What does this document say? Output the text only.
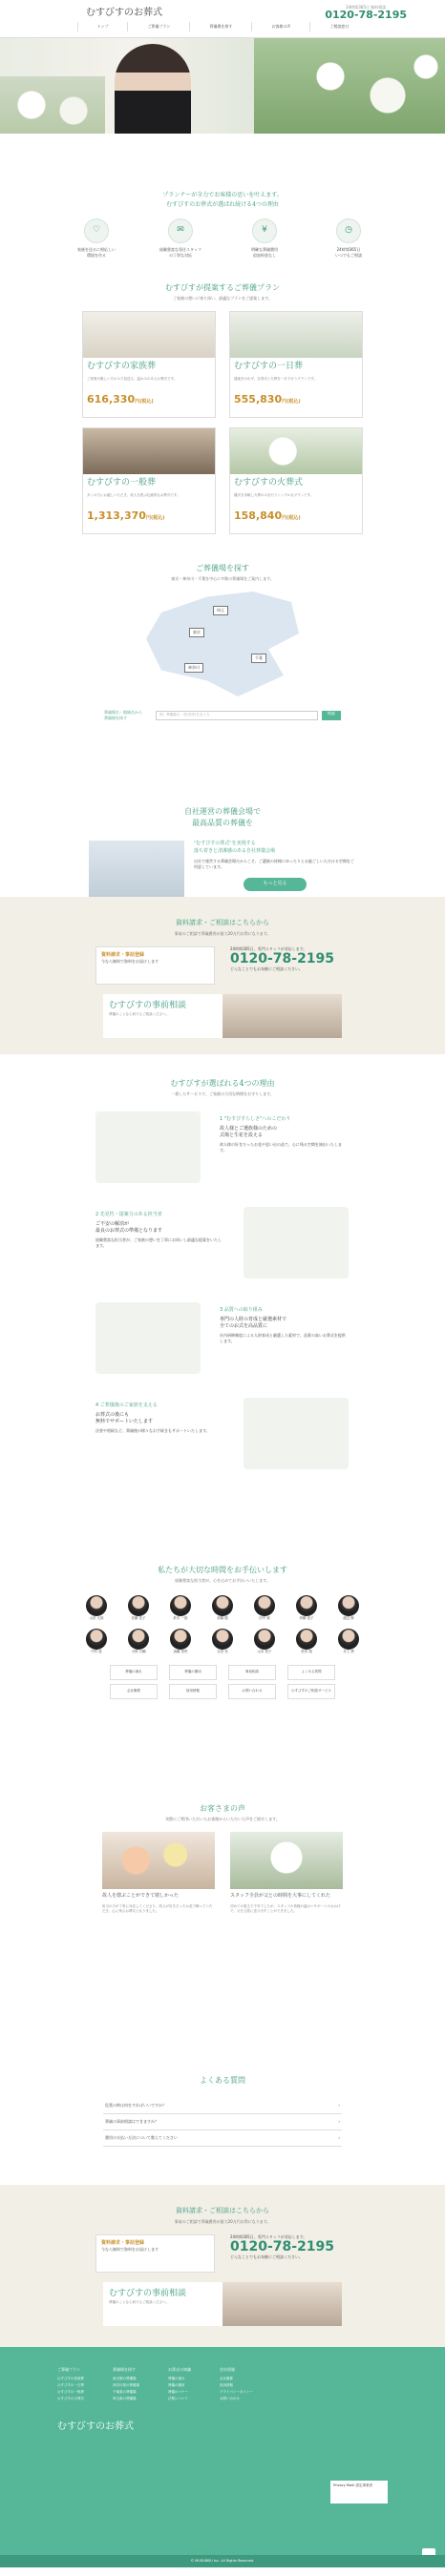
むすびすのお葬式
24時間365日 無料相談
0120-78-2195
トップ	ご葬儀プラン	葬儀場を探す	お客様の声	ご相談窓口
プランナーが全力でお客様の思いを叶えます。
むすびすのお葬式が選ばれ続ける4つの理由
♡
家族を送るに相応しい
環境を作る
✉
経験豊富な専任スタッフ
の丁寧な対応
¥
明確な葬儀費用
追加料金なし
◷
24時間365日
いつでもご相談
むすびすが提案するご葬儀プラン
ご家族の想いに寄り添い、最適なプランをご提案します。
むすびすの家族葬
ご家族や親しい方のみで見送る、温かみのあるお葬式です。
616,330円(税込)
むすびすの一日葬
通夜を行わず、告別式と火葬を一日で行うプランです。
555,830円(税込)
むすびすの一般葬
多くの方にお越しいただき、故人を偲ぶ伝統的なお葬式です。
1,313,370円(税込)
むすびすの火葬式
儀式を省略し火葬のみを行うシンプルなプランです。
158,840円(税込)
ご葬儀場を探す
東京・神奈川・千葉を中心に多数の葬儀場をご案内します。
東京
神奈川
千葉
埼玉
葬儀場名・地域名から
葬儀場を探す
例）葬儀場名・市区町村名を入力	検索
自社運営の葬儀会場で
最高品質の葬儀を
"むすびすの葬式"を実現する
落ち着きと清潔感のある自社葬儀会場
自社で運営する葬儀会場だからこそ、ご遺族の皆様にゆったりとお過ごしいただける空間をご用意しています。
もっと見る
資料請求・ご相談はこちらから
事前のご相談で葬儀費用が最大20万円お得になります。
資料請求・事前登録
今なら無料で資料をお届けします
24時間365日、専門スタッフが対応します。
0120-78-2195
どんなことでもお気軽にご相談ください。
むすびすの事前相談
葬儀のことなら何でもご相談ください。
むすびすが選ばれる4つの理由
一貫したサービスで、ご家族の大切な時間をお守りします。
1 "むすびすらしさ"へのこだわり
故人様とご遺族様のための
式場と生花を設える
故人様の好きだったお花や思い出の品で、心に残る空間を演出いたします。
2 先見性・提案力のある担当者
ご不安の解消が
最良のお葬式の準備となります
経験豊富な担当者が、ご家族の想いを丁寧にお伺いし最適な提案をいたします。
3 品質への取り組み
専門の人財の育成と厳選素材で
全てのお式を高品質に
社内研修制度による人財育成と厳選した素材で、品質の高いお葬式を提供します。
4 ご葬儀後のご家族を支える
お葬式の後にも
無料でサポートいたします
法要や相続など、葬儀後の様々なお手続きもサポートいたします。
私たちが大切な時間をお手伝いします
経験豊富な担当者が、心を込めてお手伝いいたします。
山田 太郎	佐藤 花子	鈴木 一郎	高橋 健	田中 誠	伊藤 直子	渡辺 修
中村 恵	小林 大輔	加藤 美咲	吉田 亮	山本 智子	松本 翔	井上 勇
葬儀の流れ	葬儀の費用	事前相談	よくある質問
会社概要	採用情報	お問い合わせ	むすびすのご相談サービス
お客さまの声
実際にご利用いただいたお客様からいただいた声をご紹介します。
故人を偲ぶことができて嬉しかった
担当の方が丁寧に対応してくださり、故人が好きだったお花で飾っていただき、心に残るお葬式となりました。
スタッフ全員が父との時間を大事にしてくれた
初めての喪主で不安でしたが、スタッフの皆様の温かいサポートのおかげで、父を立派に送り出すことができました。
よくある質問
危篤の時は何をすればいいですか？	›
葬儀の事前相談はできますか？	›
費用の支払い方法について教えてください	›
資料請求・ご相談はこちらから
事前のご相談で葬儀費用が最大20万円お得になります。
資料請求・事前登録
今なら無料で資料をお届けします
24時間365日、専門スタッフが対応します。
0120-78-2195
どんなことでもお気軽にご相談ください。
むすびすの事前相談
葬儀のことなら何でもご相談ください。
ご葬儀プラン
むすびすの家族葬
むすびすの一日葬
むすびすの一般葬
むすびすの火葬式
葬儀場を探す
東京都の葬儀場
神奈川県の葬儀場
千葉県の葬儀場
埼玉県の葬儀場
お葬式の知識
葬儀の流れ
葬儀の費用
葬儀のマナー
法要について
会社情報
会社概要
採用情報
プライバシーポリシー
お問い合わせ
むすびすのお葬式
Privacy Mark 認定事業者
© MUSUBISU Inc. All Rights Reserved.
